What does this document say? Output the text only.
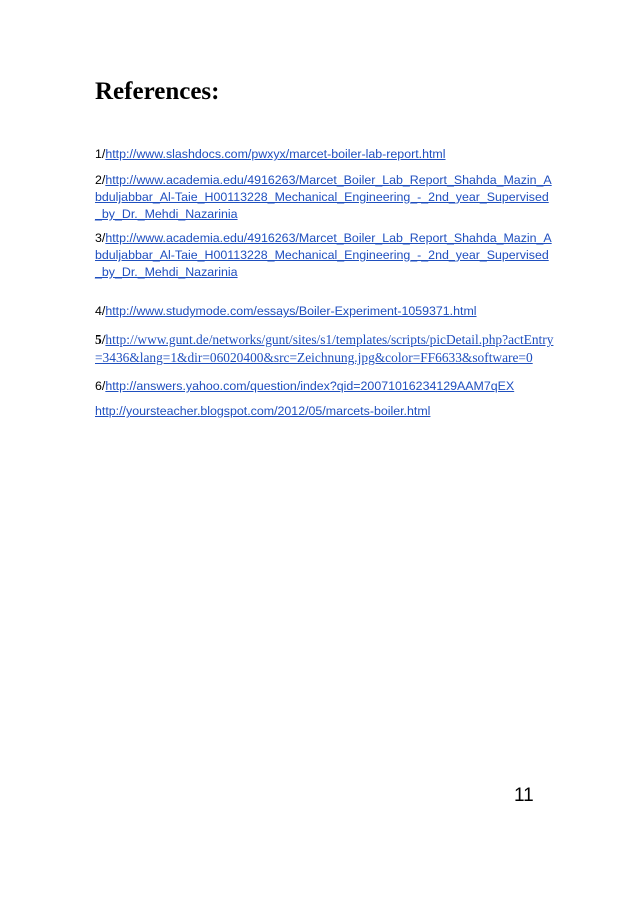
References:

1/http://www.slashdocs.com/pwxyx/marcet-boiler-lab-report.html

2/http://www.academia.edu/4916263/Marcet_Boiler_Lab_Report_Shahda_Mazin_Abduljabbar_Al-Taie_H00113228_Mechanical_Engineering_-_2nd_year_Supervised_by_Dr._Mehdi_Nazarinia

3/http://www.academia.edu/4916263/Marcet_Boiler_Lab_Report_Shahda_Mazin_Abduljabbar_Al-Taie_H00113228_Mechanical_Engineering_-_2nd_year_Supervised_by_Dr._Mehdi_Nazarinia

4/http://www.studymode.com/essays/Boiler-Experiment-1059371.html

5/http://www.gunt.de/networks/gunt/sites/s1/templates/scripts/picDetail.php?actEntry=3436&lang=1&dir=06020400&src=Zeichnung.jpg&color=FF6633&software=0

6/http://answers.yahoo.com/question/index?qid=20071016234129AAM7qEX

http://yoursteacher.blogspot.com/2012/05/marcets-boiler.html

11
